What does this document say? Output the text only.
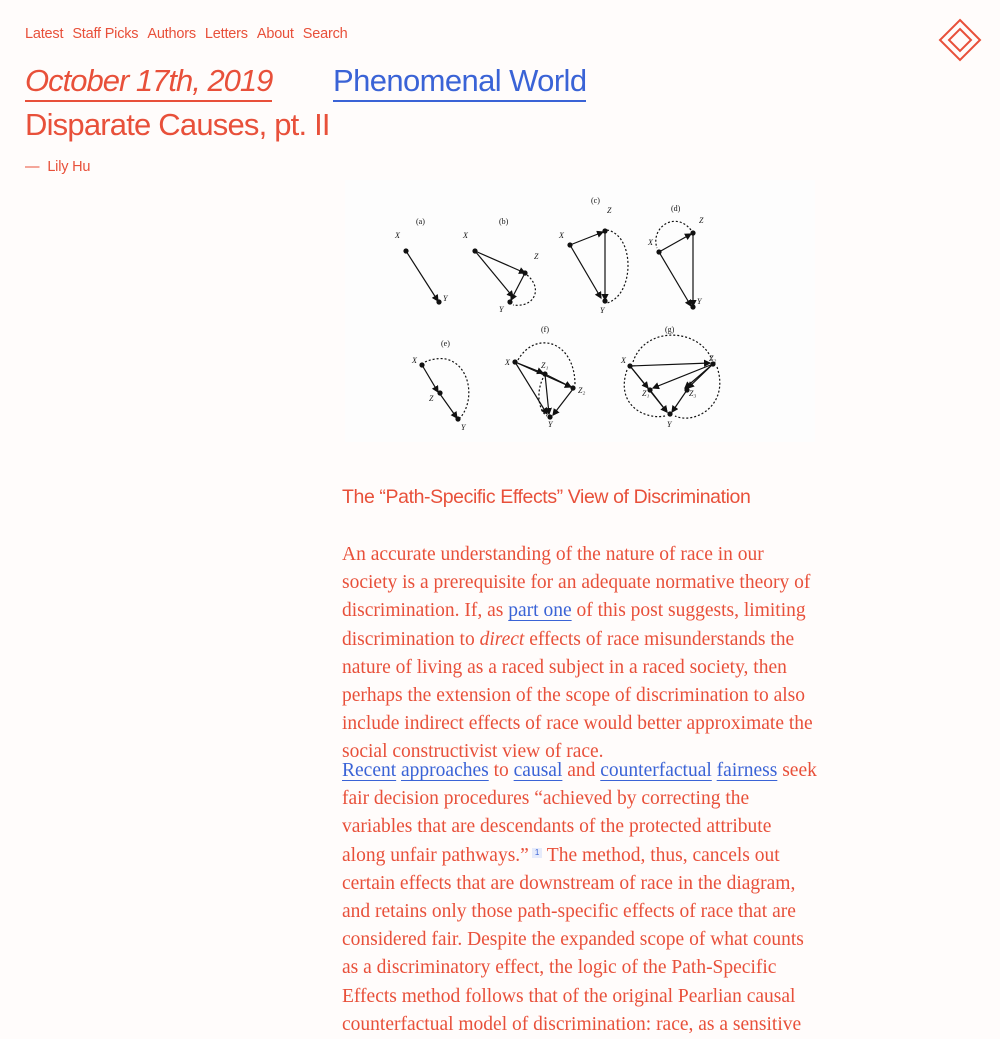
Latest Staff Picks Authors Letters About Search
October 17th, 2019 Phenomenal World
Disparate Causes, pt. II
— Lily Hu
(a)	(b)
(c)
(d)
(e)
(f)	(g)
X
Y
X
Z
Y
X
Z
Y
X
Z
Y
X
Z
Y
X	Z₁
Z₂
Y
X	Z₂
Z₁	Z₃
Y
The “Path-Specific Effects” View of Discrimination

An accurate understanding of the nature of race in our society is a prerequisite for an adequate normative theory of discrimination. If, as part one of this post suggests, limiting discrimination to direct effects of race misunderstands the nature of living as a raced subject in a raced society, then perhaps the extension of the scope of discrimination to also include indirect effects of race would better approximate the social constructivist view of race.

Recent approaches to causal and counterfactual fairness seek fair decision procedures “achieved by correcting the variables that are descendants of the protected attribute along unfair pathways.” 1 The method, thus, cancels out certain effects that are downstream of race in the diagram, and retains only those path-specific effects of race that are considered fair. Despite the expanded scope of what counts as a discriminatory effect, the logic of the Path-Specific Effects method follows that of the original Pearlian causal counterfactual model of discrimination: race, as a sensitive
